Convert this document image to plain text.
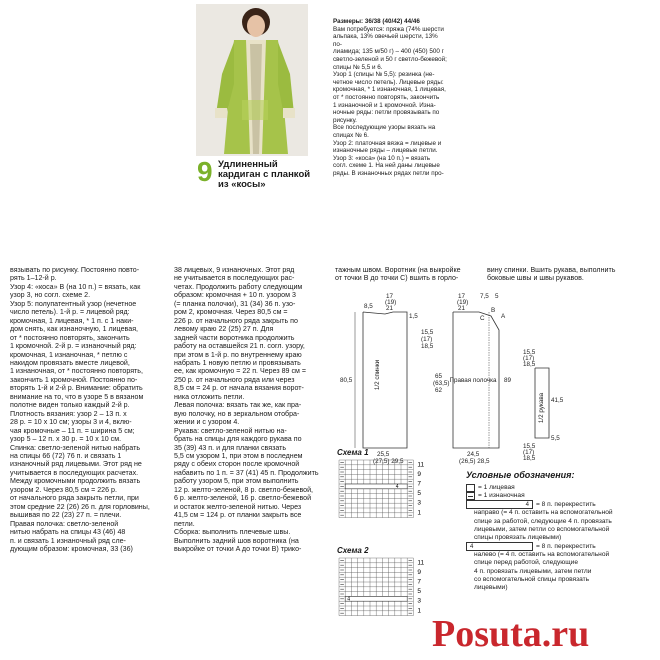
9 Удлиненный
кардиган с планкой
из «косы»
Размеры: 36/38 (40/42) 44/46
Вам потребуется: пряжа (74% шерсти
альпака, 13% овечьей шерсти, 13% по-
лиамида; 135 м/50 г) – 400 (450) 500 г
светло-зеленой и 50 г светло-бежевой;
спицы № 5,5 и 6.
Узор 1 (спицы № 5,5): резинка (не-
четное число петель). Лицевые ряды:
кромочная, * 1 изнаночная, 1 лицевая,
от * постоянно повторять, закончить
1 изнаночной и 1 кромочной. Изна-
ночные ряды: петли провязывать по
рисунку.
Все последующие узоры вязать на
спицах № 6.
Узор 2: платочная вязка = лицевые и
изнаночные ряды – лицевые петли.
Узор 3: «коса» (на 10 п.) = вязать
согл. схеме 1. На ней даны лицевые
ряды. В изнаночных рядах петли про-
вязывать по рисунку. Постоянно повто-
рять 1–12-й р.
Узор 4: «коса» B (на 10 п.) = вязать, как
узор 3, но согл. схеме 2.
Узор 5: полупатентный узор (нечетное
число петель). 1-й р. = лицевой ряд:
кромочная, 1 лицевая, * 1 п. с 1 наки-
дом снять, как изнаночную, 1 лицевая,
от * постоянно повторять, закончить
1 кромочной. 2-й р. = изнаночный ряд:
кромочная, 1 изнаночная, * петлю с
накидом провязать вместе лицевой,
1 изнаночная, от * постоянно повторять,
закончить 1 кромочной. Постоянно по-
вторять 1-й и 2-й р. Внимание: обратить
внимание на то, что в узоре 5 в вязаном
полотне виден только каждый 2-й р.
Плотность вязания: узор 2 – 13 п. x
28 р. = 10 x 10 см; узоры 3 и 4, вклю-
чая кромочные – 11 п. = ширина 5 см;
узор 5 – 12 п. x 30 р. = 10 x 10 см.
Спинка: светло-зеленой нитью набрать
на спицы 66 (72) 76 п. и связать 1
изнаночный ряд лицевыми. Этот ряд не
учитывается в последующих расчетах.
Между кромочными продолжить вязать
узором 2. Через 80,5 см = 226 р.
от начального ряда закрыть петли, при
этом средние 22 (26) 26 п. для горловины,
вышивая по 22 (23) 27 п. = плечи.
Правая полочка: светло-зеленой
нитью набрать на спицы 43 (46) 48
п. и связать 1 изнаночный ряд сле-
дующим образом: кромочная, 33 (36)
38 лицевых, 9 изнаночных. Этот ряд
не учитывается в последующих рас-
четах. Продолжить работу следующим
образом: кромочная + 10 п. узором 3
(= планка полочки), 31 (34) 36 п. узо-
ром 2, кромочная. Через 80,5 см =
226 р. от начального ряда закрыть по
левому краю 22 (25) 27 п. Для
задней части воротника продолжить
работу на оставшейся 21 п. согл. узору,
при этом в 1-й р. по внутреннему краю
набрать 1 новую петлю и провязывать
ее, как кромочную = 22 п. Через 89 см =
250 р. от начального ряда или через
8,5 см = 24 р. от начала вязания ворот-
ника отложить петли.
Левая полочка: вязать так же, как пра-
вую полочку, но в зеркальном отобра-
жении и с узором 4.
Рукава: светло-зеленой нитью на-
брать на спицы для каждого рукава по
35 (39) 43 п. и для планки связать
5,5 см узором 1, при этом в последнем
ряду с обеих сторон после кромочной
набавить по 1 п. = 37 (41) 45 п. Продолжить
работу узором 5, при этом выполнить
12 р. желто-зеленой, 8 р. светло-бежевой,
6 р. желто-зеленой, 16 р. светло-бежевой
и остаток желто-зеленой нитью. Через
41,5 см = 124 р. от планки закрыть все
петли.
Сборка: выполнить плечевые швы.
Выполнить задний шов воротника (на
выкройке от точки A до точки B) трико-
тажным швом. Воротник (на выкройке
от точки B до точки C) вшить в горло-
вину спинки. Вшить рукава, выполнить
боковые швы и швы рукавов.
80,5	1/2 спинки
25,5
(27,5) 29,5
17
(19)
21
8,5
1,5
Правая полочка
65
(63,5)
62
24,5
(26,5) 28,5
17
(19)
21
7,5 5
89
A
B
C
15,5
(17)
18,5
1/2 рукава 41,5
5,5
15,5
(17)
18,5
15,5
(17)
18,5
Схема 1
4
11
9
7
5
3
1
Схема 2
4
11
9
7
5
3
1
Условные обозначения:
= 1 лицевая
= 1 изнаночная
4 = 8 п. перекрестить
направо (= 4 п. оставить на вспомогательной
спице за работой, следующие 4 п. провязать
лицевыми, затем петли со вспомогательной
спицы провязать лицевыми)
4	= 8 п. перекрестить
налево (= 4 п. оставить на вспомогательной
спице перед работой, следующие
4 п. провязать лицевыми, затем петли
со вспомогательной спицы провязать
лицевыми)
Posuta.ru
